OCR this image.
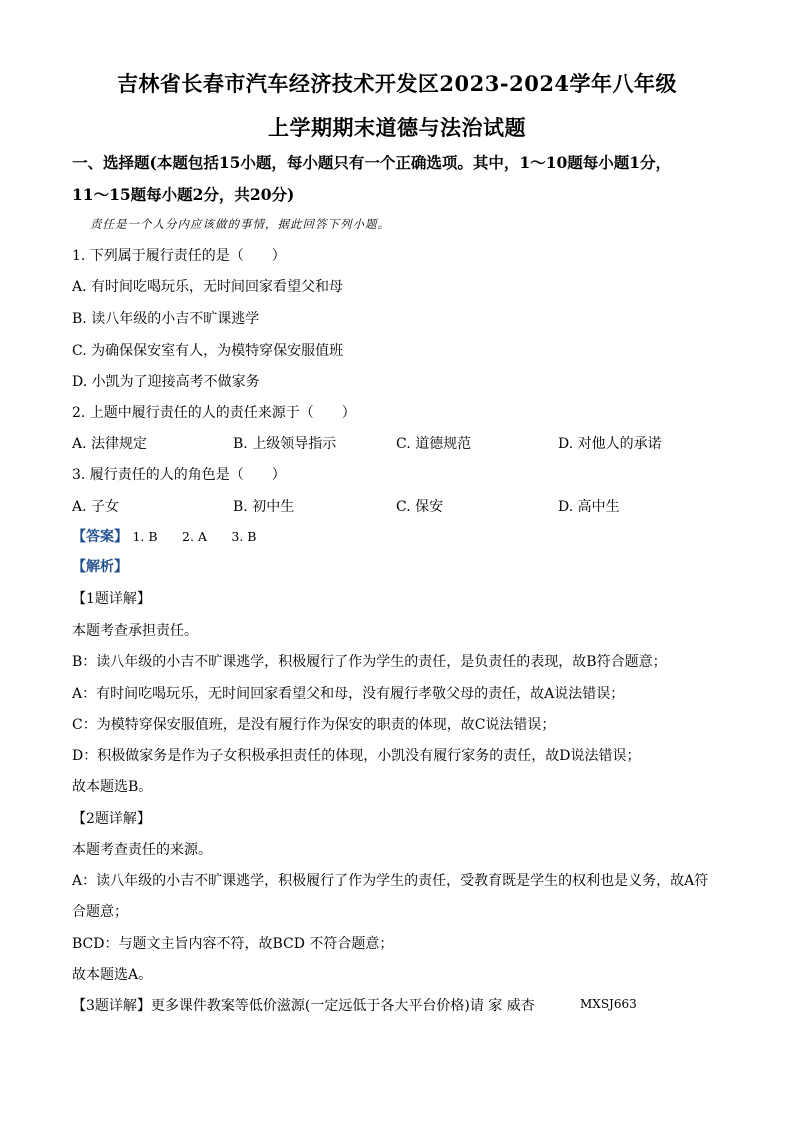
吉林省长春市汽车经济技术开发区2023-2024学年八年级
上学期期末道德与法治试题
一、选择题(本题包括15小题，每小题只有一个正确选项。其中，1～10题每小题1分，
11～15题每小题2分，共20分)
责任是一个人分内应该做的事情，据此回答下列小题。
1. 下列属于履行责任的是（　　）
A. 有时间吃喝玩乐，无时间回家看望父和母
B. 读八年级的小吉不旷课逃学
C. 为确保保安室有人，为模特穿保安服值班
D. 小凯为了迎接高考不做家务
2. 上题中履行责任的人的责任来源于（　　）
A. 法律规定	B. 上级领导指示	C. 道德规范	D. 对他人的承诺
3. 履行责任的人的角色是（　　）
A. 子女	B. 初中生	C. 保安	D. 高中生
【答案】 1. B 2. A 3. B
【解析】
【1题详解】
本题考查承担责任。
B：读八年级的小吉不旷课逃学，积极履行了作为学生的责任，是负责任的表现，故B符合题意；
A：有时间吃喝玩乐，无时间回家看望父和母，没有履行孝敬父母的责任，故A说法错误；
C：为模特穿保安服值班，是没有履行作为保安的职责的体现，故C说法错误；
D：积极做家务是作为子女积极承担责任的体现，小凯没有履行家务的责任，故D说法错误；
故本题选B。
【2题详解】
本题考查责任的来源。
A：读八年级的小吉不旷课逃学，积极履行了作为学生的责任，受教育既是学生的权利也是义务，故A符
合题意；
BCD：与题文主旨内容不符，故BCD 不符合题意；
故本题选A。
【3题详解】更多课件教案等低价滋源(一定远低于各大平台价格)请 家 威杏	MXSJ663
